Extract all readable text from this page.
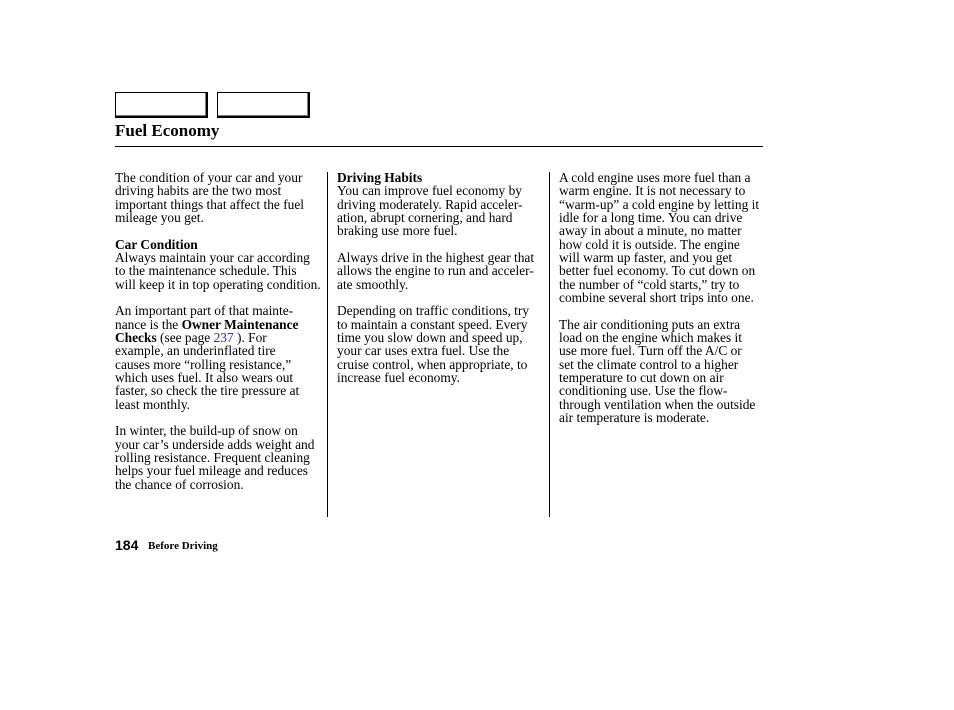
Fuel Economy
The condition of your car and your
driving habits are the two most
important things that affect the fuel
mileage you get.
Car Condition
Always maintain your car according
to the maintenance schedule. This
will keep it in top operating condition.
An important part of that mainte-
nance is the Owner Maintenance
Checks (see page 237 ). For
example, an underinflated tire
causes more “rolling resistance,”
which uses fuel. It also wears out
faster, so check the tire pressure at
least monthly.
In winter, the build-up of snow on
your car’s underside adds weight and
rolling resistance. Frequent cleaning
helps your fuel mileage and reduces
the chance of corrosion.
Driving Habits
You can improve fuel economy by
driving moderately. Rapid acceler-
ation, abrupt cornering, and hard
braking use more fuel.
Always drive in the highest gear that
allows the engine to run and acceler-
ate smoothly.
Depending on traffic conditions, try
to maintain a constant speed. Every
time you slow down and speed up,
your car uses extra fuel. Use the
cruise control, when appropriate, to
increase fuel economy.
A cold engine uses more fuel than a
warm engine. It is not necessary to
“warm-up” a cold engine by letting it
idle for a long time. You can drive
away in about a minute, no matter
how cold it is outside. The engine
will warm up faster, and you get
better fuel economy. To cut down on
the number of “cold starts,” try to
combine several short trips into one.
The air conditioning puts an extra
load on the engine which makes it
use more fuel. Turn off the A/C or
set the climate control to a higher
temperature to cut down on air
conditioning use. Use the flow-
through ventilation when the outside
air temperature is moderate.
184 Before Driving
